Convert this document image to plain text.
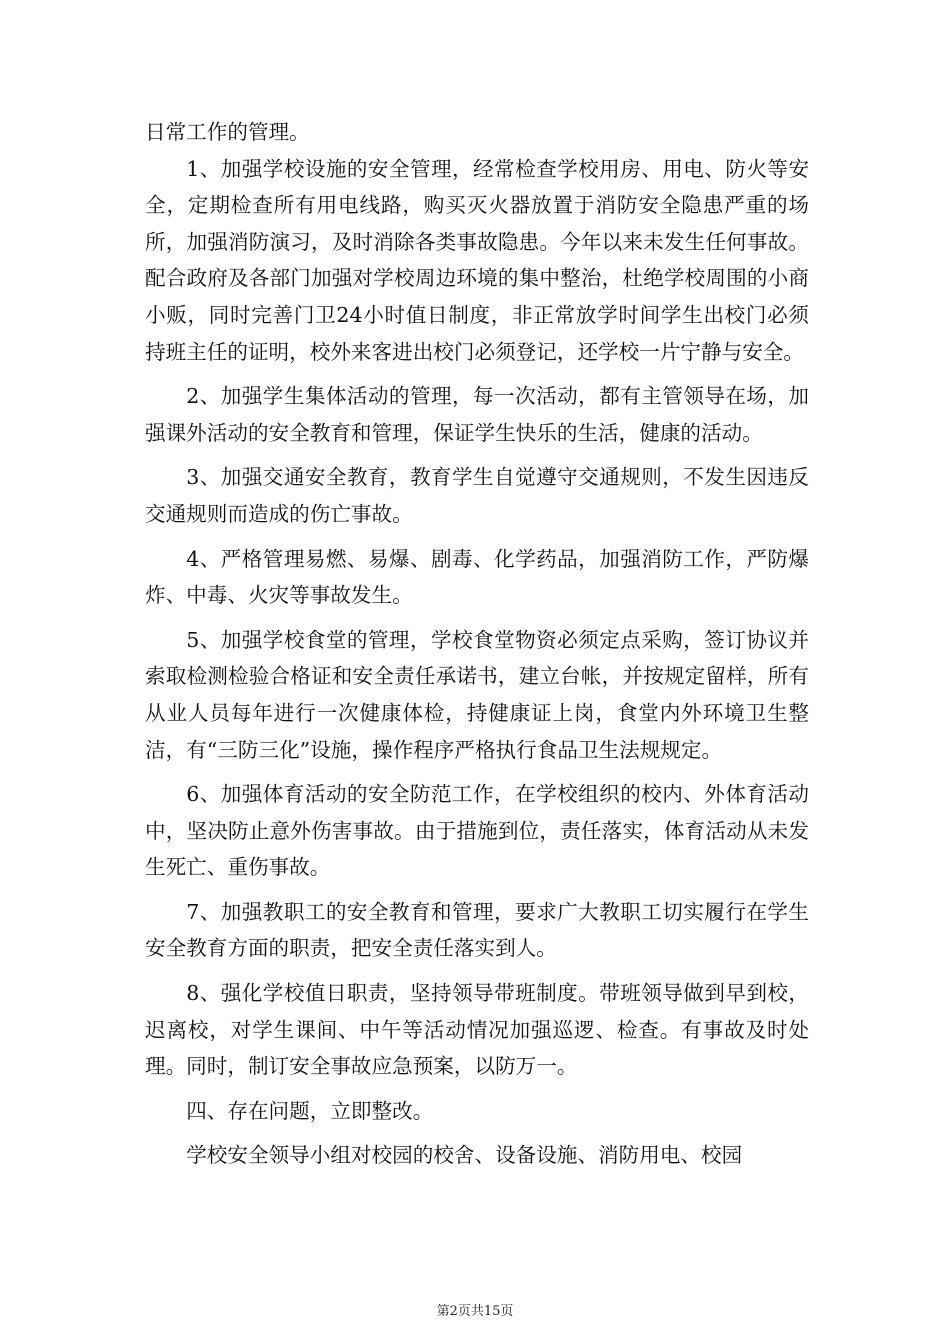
日常工作的管理。

1、加强学校设施的安全管理，经常检查学校用房、用电、防火等安全，定期检查所有用电线路，购买灭火器放置于消防安全隐患严重的场所，加强消防演习，及时消除各类事故隐患。今年以来未发生任何事故。配合政府及各部门加强对学校周边环境的集中整治，杜绝学校周围的小商小贩，同时完善门卫24小时值日制度，非正常放学时间学生出校门必须持班主任的证明，校外来客进出校门必须登记，还学校一片宁静与安全。

2、加强学生集体活动的管理，每一次活动，都有主管领导在场，加强课外活动的安全教育和管理，保证学生快乐的生活，健康的活动。

3、加强交通安全教育，教育学生自觉遵守交通规则，不发生因违反交通规则而造成的伤亡事故。

4、严格管理易燃、易爆、剧毒、化学药品，加强消防工作，严防爆炸、中毒、火灾等事故发生。

5、加强学校食堂的管理，学校食堂物资必须定点采购，签订协议并索取检测检验合格证和安全责任承诺书，建立台帐，并按规定留样，所有从业人员每年进行一次健康体检，持健康证上岗，食堂内外环境卫生整洁，有“三防三化”设施，操作程序严格执行食品卫生法规规定。

6、加强体育活动的安全防范工作，在学校组织的校内、外体育活动中，坚决防止意外伤害事故。由于措施到位，责任落实，体育活动从未发生死亡、重伤事故。

7、加强教职工的安全教育和管理，要求广大教职工切实履行在学生安全教育方面的职责，把安全责任落实到人。

8、强化学校值日职责，坚持领导带班制度。带班领导做到早到校，迟离校，对学生课间、中午等活动情况加强巡逻、检查。有事故及时处理。同时，制订安全事故应急预案，以防万一。

四、存在问题，立即整改。

学校安全领导小组对校园的校舍、设备设施、消防用电、校园

第2页共15页
